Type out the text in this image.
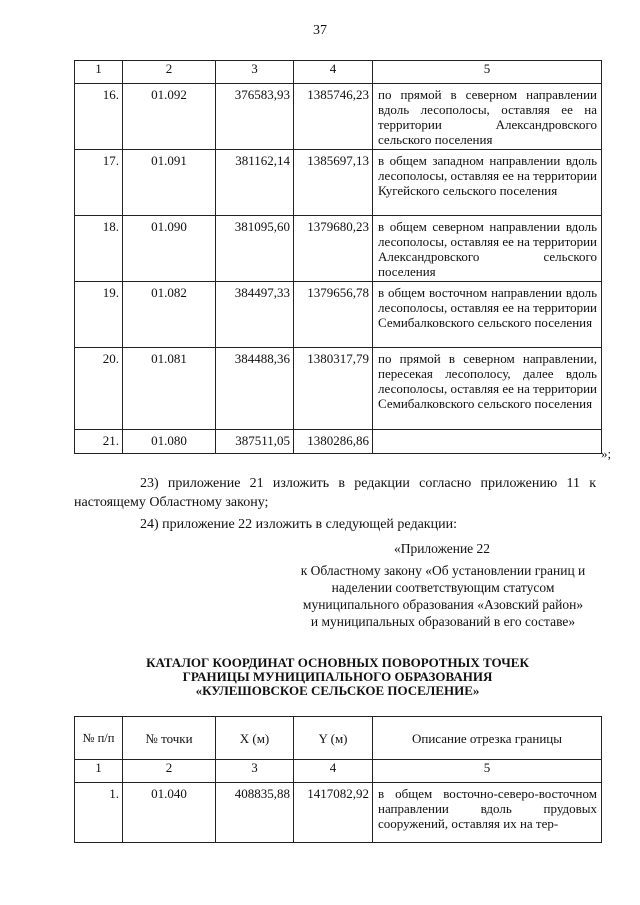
37
1	2	3	4	5
16.	01.092	376583,93	1385746,23	по прямой в северном направлении вдоль лесополосы, оставляя ее на территории Александровского сельского поселения
17.	01.091	381162,14	1385697,13	в общем западном направлении вдоль лесополосы, оставляя ее на территории Кугейского сельского поселения
18.	01.090	381095,60	1379680,23	в общем северном направлении вдоль лесополосы, оставляя ее на территории Александровского сельского поселения
19.	01.082	384497,33	1379656,78	в общем восточном направлении вдоль лесополосы, оставляя ее на территории Семибалковского сельского поселения
20.	01.081	384488,36	1380317,79	по прямой в северном направлении, пересекая лесополосу, далее вдоль лесополосы, оставляя ее на территории Семибалковского сельского поселения
21.	01.080	387511,05	1380286,86	
»;
23) приложение 21 изложить в редакции согласно приложению 11 к настоящему Областному закону;
24) приложение 22 изложить в следующей редакции:
«Приложение 22
к Областному закону «Об установлении границ и наделении соответствующим статусом муниципального образования «Азовский район» и муниципальных образований в его составе»
КАТАЛОГ КООРДИНАТ ОСНОВНЫХ ПОВОРОТНЫХ ТОЧЕК
ГРАНИЦЫ МУНИЦИПАЛЬНОГО ОБРАЗОВАНИЯ
«КУЛЕШОВСКОЕ СЕЛЬСКОЕ ПОСЕЛЕНИЕ»
№ п/п	№ точки	X (м)	Y (м)	Описание отрезка границы
1	2	3	4	5
1.	01.040	408835,88	1417082,92	в общем восточно-северо-восточном направлении вдоль прудовых сооружений, оставляя их на тер-
